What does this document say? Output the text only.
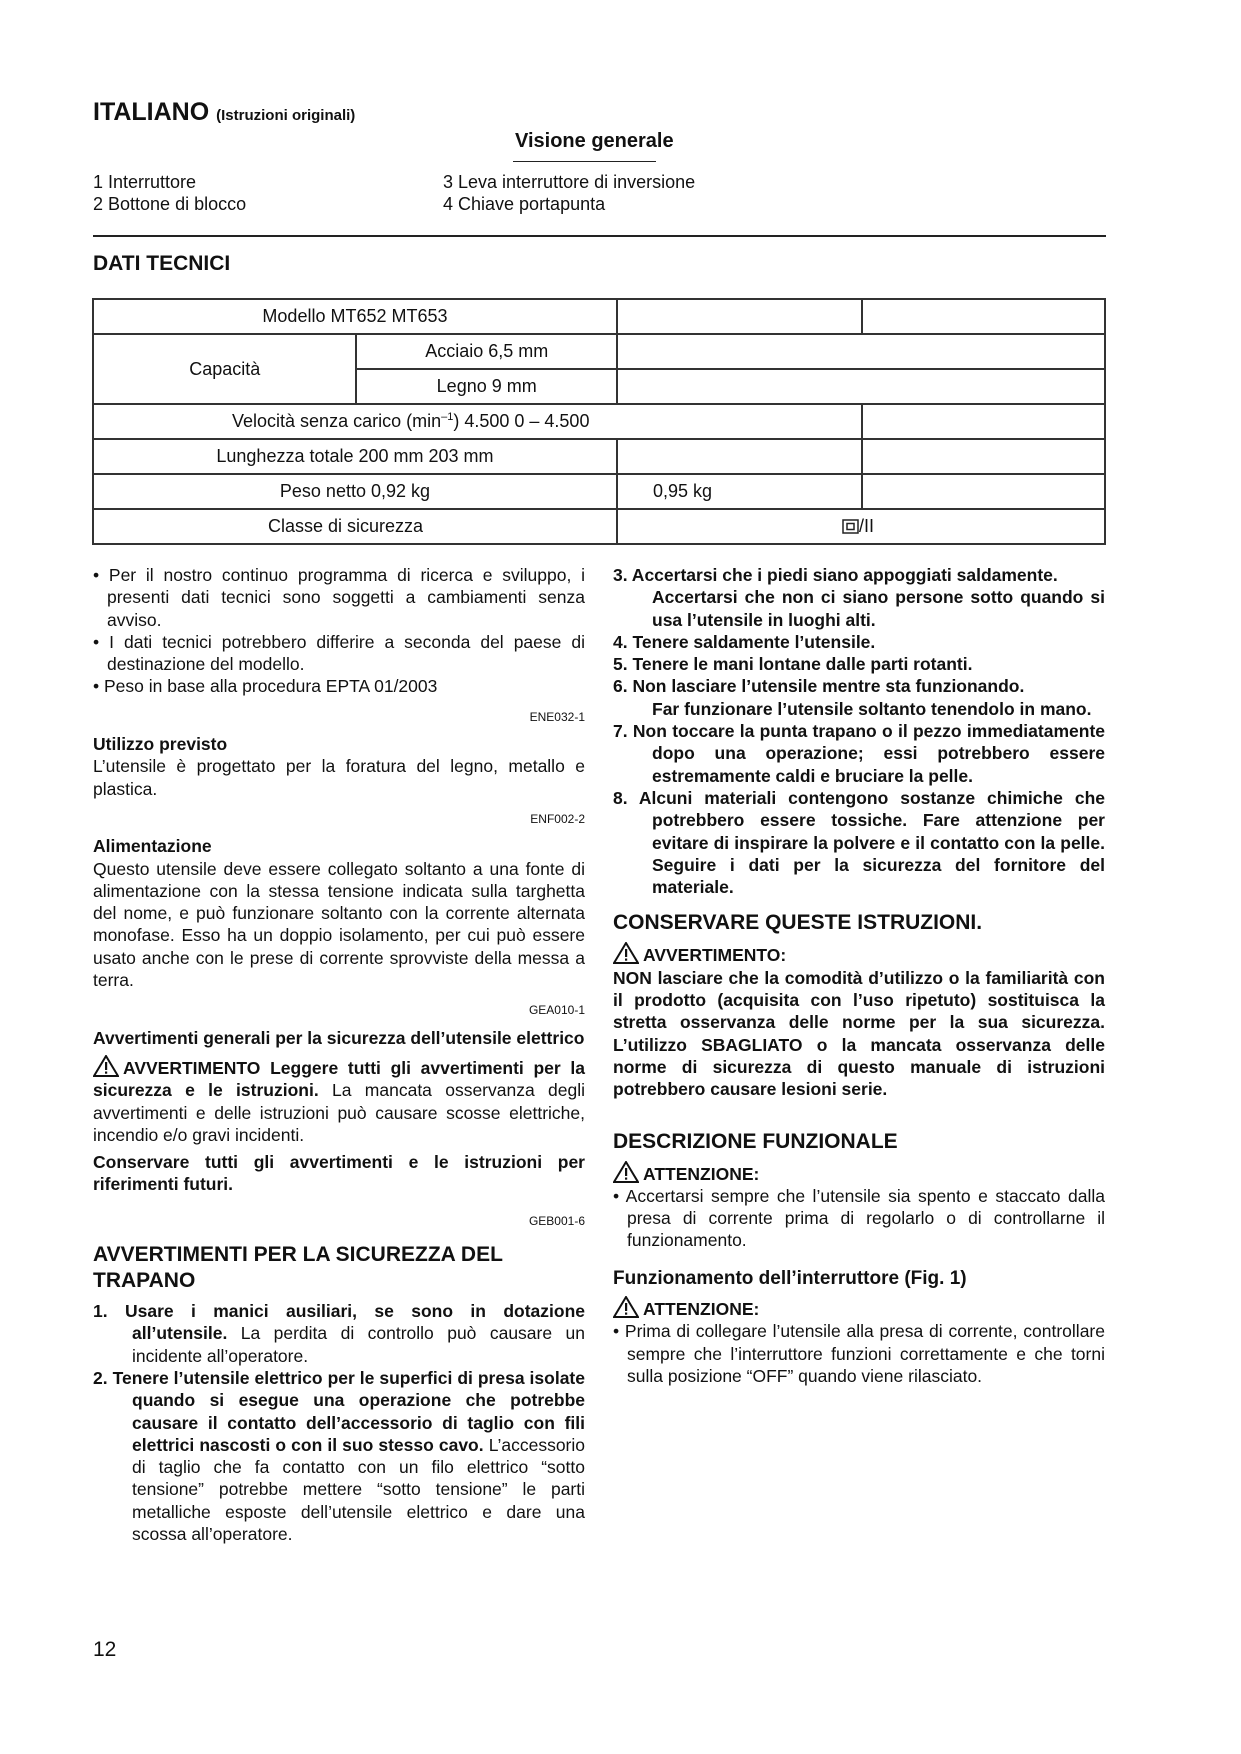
ITALIANO (Istruzioni originali)
Visione generale
1 Interruttore
2 Bottone di blocco
3 Leva interruttore di inversione
4 Chiave portapunta
DATI TECNICI
Modello MT652 MT653			
Capacità	Acciaio 6,5 mm		
	Legno 9 mm		
Velocità senza carico $(\min^{-1})$ 4.500 0 – 4.500			
Lunghezza totale 200 mm 203 mm			
Peso netto 0,92 kg		0,95 kg	
Classe di sicurezza		/II	

• Per il nostro continuo programma di ricerca e sviluppo, i presenti dati tecnici sono soggetti a cambiamenti senza avviso.

• I dati tecnici potrebbero differire a seconda del paese di destinazione del modello.

• Peso in base alla procedura EPTA 01/2003

ENE032-1

Utilizzo previsto

L’utensile è progettato per la foratura del legno, metallo e plastica.

ENF002-2

Alimentazione

Questo utensile deve essere collegato soltanto a una fonte di alimentazione con la stessa tensione indicata sulla targhetta del nome, e può funzionare soltanto con la corrente alternata monofase. Esso ha un doppio isolamento, per cui può essere usato anche con le prese di corrente sprovviste della messa a terra.

GEA010-1

Avvertimenti generali per la sicurezza dell’utensile elettrico

AVVERTIMENTO Leggere tutti gli avvertimenti per la sicurezza e le istruzioni. La mancata osservanza degli avvertimenti e delle istruzioni può causare scosse elettriche, incendio e/o gravi incidenti.

Conservare tutti gli avvertimenti e le istruzioni per riferimenti futuri.

GEB001-6

AVVERTIMENTI PER LA SICUREZZA DEL TRAPANO

1. Usare i manici ausiliari, se sono in dotazione all’utensile. La perdita di controllo può causare un incidente all’operatore.

2. Tenere l’utensile elettrico per le superfici di presa isolate quando si esegue una operazione che potrebbe causare il contatto dell’accessorio di taglio con fili elettrici nascosti o con il suo stesso cavo. L’accessorio di taglio che fa contatto con un filo elettrico “sotto tensione” potrebbe mettere “sotto tensione” le parti metalliche esposte dell’utensile elettrico e dare una scossa all’operatore.

3. Accertarsi che i piedi siano appoggiati saldamente.

Accertarsi che non ci siano persone sotto quando si usa l’utensile in luoghi alti.

4. Tenere saldamente l’utensile.

5. Tenere le mani lontane dalle parti rotanti.

6. Non lasciare l’utensile mentre sta funzionando.

Far funzionare l’utensile soltanto tenendolo in mano.

7. Non toccare la punta trapano o il pezzo immediatamente dopo una operazione; essi potrebbero essere estremamente caldi e bruciare la pelle.

8. Alcuni materiali contengono sostanze chimiche che potrebbero essere tossiche. Fare attenzione per evitare di inspirare la polvere e il contatto con la pelle. Seguire i dati per la sicurezza del fornitore del materiale.

CONSERVARE QUESTE ISTRUZIONI.

AVVERTIMENTO:

NON lasciare che la comodità d’utilizzo o la familiarità con il prodotto (acquisita con l’uso ripetuto) sostituisca la stretta osservanza delle norme per la sua sicurezza. L’utilizzo SBAGLIATO o la mancata osservanza delle norme di sicurezza di questo manuale di istruzioni potrebbero causare lesioni serie.

DESCRIZIONE FUNZIONALE

ATTENZIONE:

• Accertarsi sempre che l’utensile sia spento e staccato dalla presa di corrente prima di regolarlo o di controllarne il funzionamento.

Funzionamento dell’interruttore (Fig. 1)

ATTENZIONE:

• Prima di collegare l’utensile alla presa di corrente, controllare sempre che l’interruttore funzioni correttamente e che torni sulla posizione “OFF” quando viene rilasciato.

12
